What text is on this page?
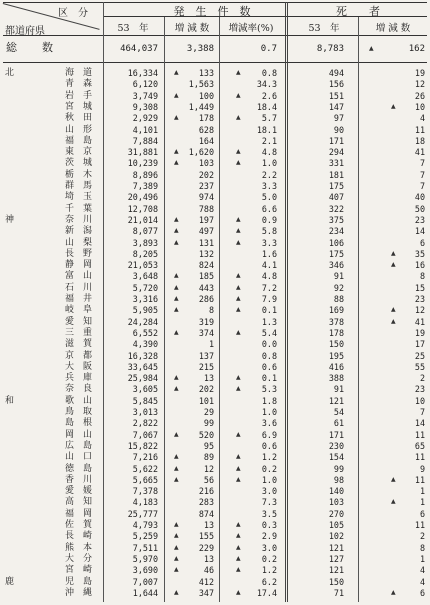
区　分
都道府県
発　生　件　数	死　　者
53　年	増 減 数	増減率(%)	53　年	増 減 数
総　　数	464,037	3,388	0.7	8,783	▲	162
北	海 道	16,334	▲	133	▲	0.8	494	19
青 森	6,120	1,563	34.3	156	12
岩 手	3,749	▲	100	▲	2.6	151	26
宮 城	9,308	1,449	18.4	147	▲	10
秋 田	2,929	▲	178	▲	5.7	97	4
山 形	4,101	628	18.1	90	11
福 島	7,884	164	2.1	171	18
東 京	31,881	▲	1,620	▲	4.8	294	41
茨 城	10,239	▲	103	▲	1.0	331	7
栃 木	8,896	202	2.2	181	7
群 馬	7,389	237	3.3	175	7
埼 玉	20,496	974	5.0	407	40
千 葉	12,708	788	6.6	322	50
神	奈 川	21,014	▲	197	▲	0.9	375	23
新 潟	8,077	▲	497	▲	5.8	234	14
山 梨	3,893	▲	131	▲	3.3	106	6
長 野	8,205	132	1.6	175	▲	35
静 岡	21,053	824	4.1	346	▲	16
富 山	3,648	▲	185	▲	4.8	91	8
石 川	5,720	▲	443	▲	7.2	92	15
福 井	3,316	▲	286	▲	7.9	88	23
岐 阜	5,905	▲	8	▲	0.1	169	▲	12
愛 知	24,284	319	1.3	378	▲	41
三 重	6,552	▲	374	▲	5.4	178	19
滋 賀	4,390	1	0.0	150	17
京 都	16,328	137	0.8	195	25
大 阪	33,645	215	0.6	416	55
兵 庫	25,984	▲	13	▲	0.1	388	2
奈 良	3,605	▲	202	▲	5.3	91	23
和	歌 山	5,845	101	1.8	121	10
鳥 取	3,013	29	1.0	54	7
島 根	2,822	99	3.6	61	14
岡 山	7,067	▲	520	▲	6.9	171	11
広 島	15,822	95	0.6	230	65
山 口	7,216	▲	89	▲	1.2	154	11
徳 島	5,622	▲	12	▲	0.2	99	9
香 川	5,665	▲	56	▲	1.0	98	▲	11
愛 媛	7,378	216	3.0	140	1
高 知	4,183	283	7.3	103	▲	1
福 岡	25,777	874	3.5	270	6
佐 賀	4,793	▲	13	▲	0.3	105	11
長 崎	5,259	▲	155	▲	2.9	102	2
熊 本	7,511	▲	229	▲	3.0	121	8
大 分	5,970	▲	13	▲	0.2	127	1
宮 崎	3,690	▲	46	▲	1.2	121	4
鹿	児 島	7,007	412	6.2	150	4
沖 縄	1,644	▲	347	▲	17.4	71	▲	6
